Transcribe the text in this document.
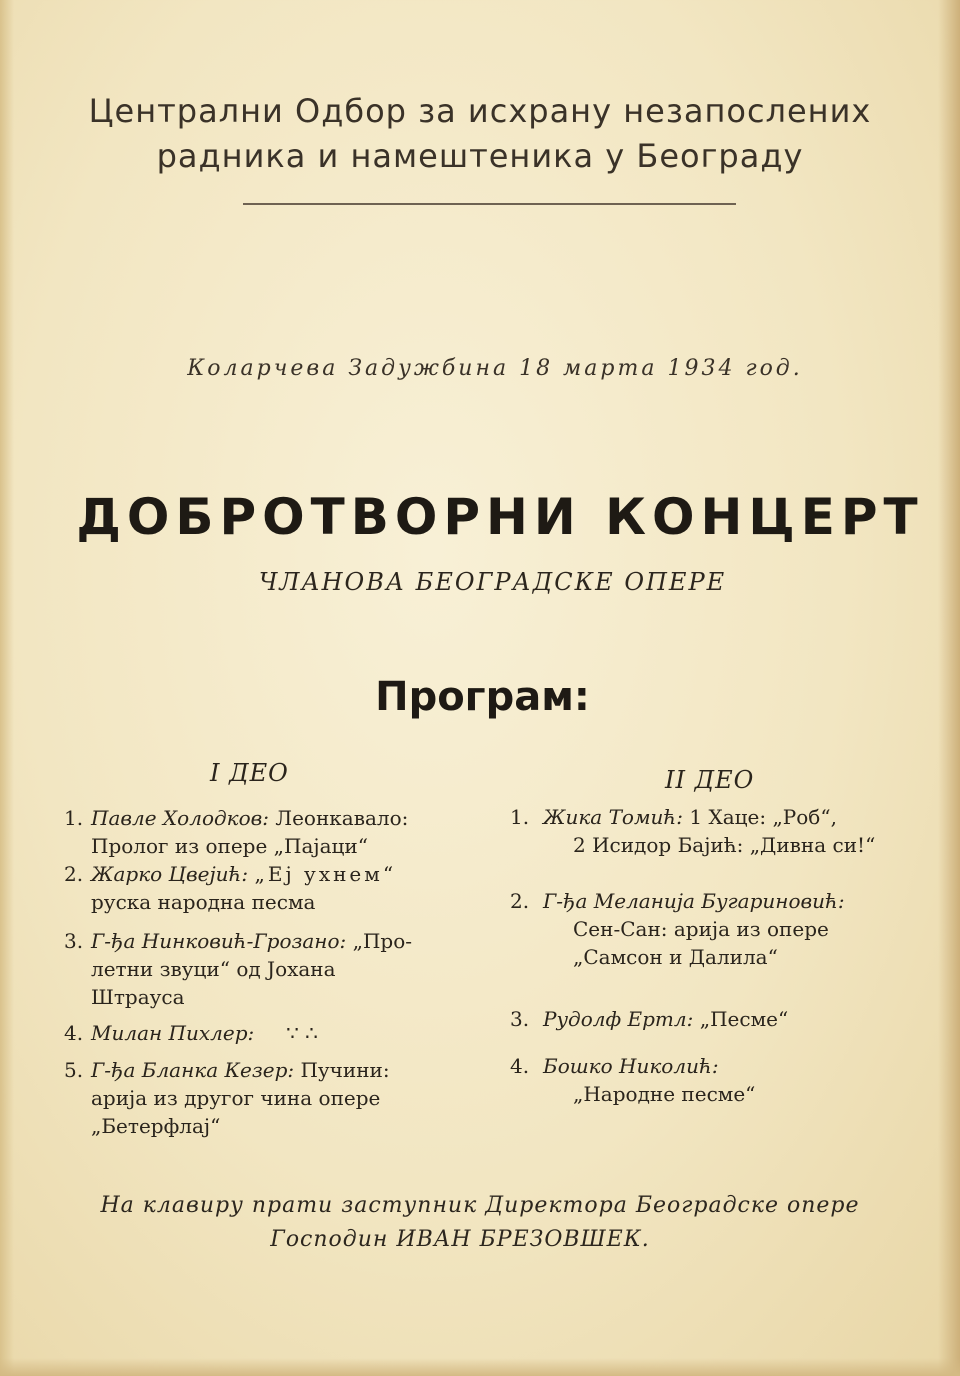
Централни Одбор за исхрану незапослених
радника и намештеника у Београду
Коларчева Задужбина 18 марта 1934 год.
ДОБРОТВОРНИ КОНЦЕРТ
ЧЛАНОВА БЕОГРАДСКЕ ОПЕРЕ
Програм:
I ДЕО
1. Павле Холодков: Леонкавало:
Пролог из опере „Пајаци“
2. Жарко Цвејић: „Еј ухнем“
руска народна песма
3. Г-ђа Нинковић-Грозано: „Про-
летни звуци“ од Јохана
Штрауса
4. Милан Пихлер: ∵ ∴
5. Г-ђа Бланка Кезер: Пучини:
арија из другог чина опере
„Бетерфлај“
II ДЕО
1. Жика Томић: 1 Хаце: „Роб“,
2 Исидор Бајић: „Дивна си!“
2. Г-ђа Меланија Бугариновић:
Сен-Сан: арија из опере
„Самсон и Далила“
3. Рудолф Ертл: „Песме“
4. Бошко Николић:
„Народне песме“
На клавиру прати заступник Директора Београдске опере
Господин ИВАН БРЕЗОВШЕК.
